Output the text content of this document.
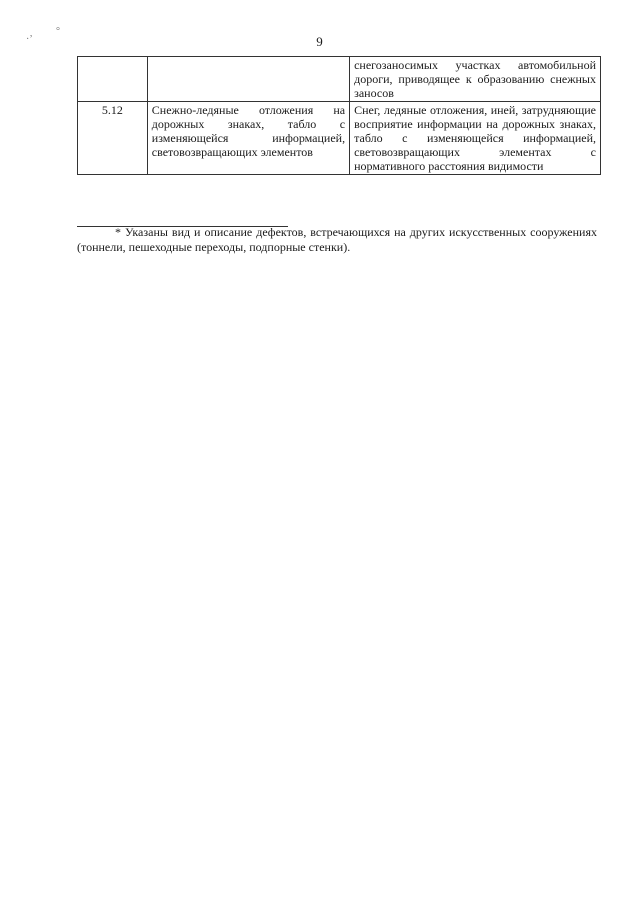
·’
°
9
		снегозаносимых участках автомобильной дороги, приводящее к образованию снежных заносов
5.12	Снежно-ледяные отложения на дорожных знаках, табло с изменяющейся информацией, световозвращающих элементов	Снег, ледяные отложения, иней, затрудняющие восприятие информации на дорожных знаках, табло с изменяющейся информацией, световозвращающих элементах с нормативного расстояния видимости
* Указаны вид и описание дефектов, встречающихся на других искусственных сооружениях (тоннели, пешеходные переходы, подпорные стенки).
